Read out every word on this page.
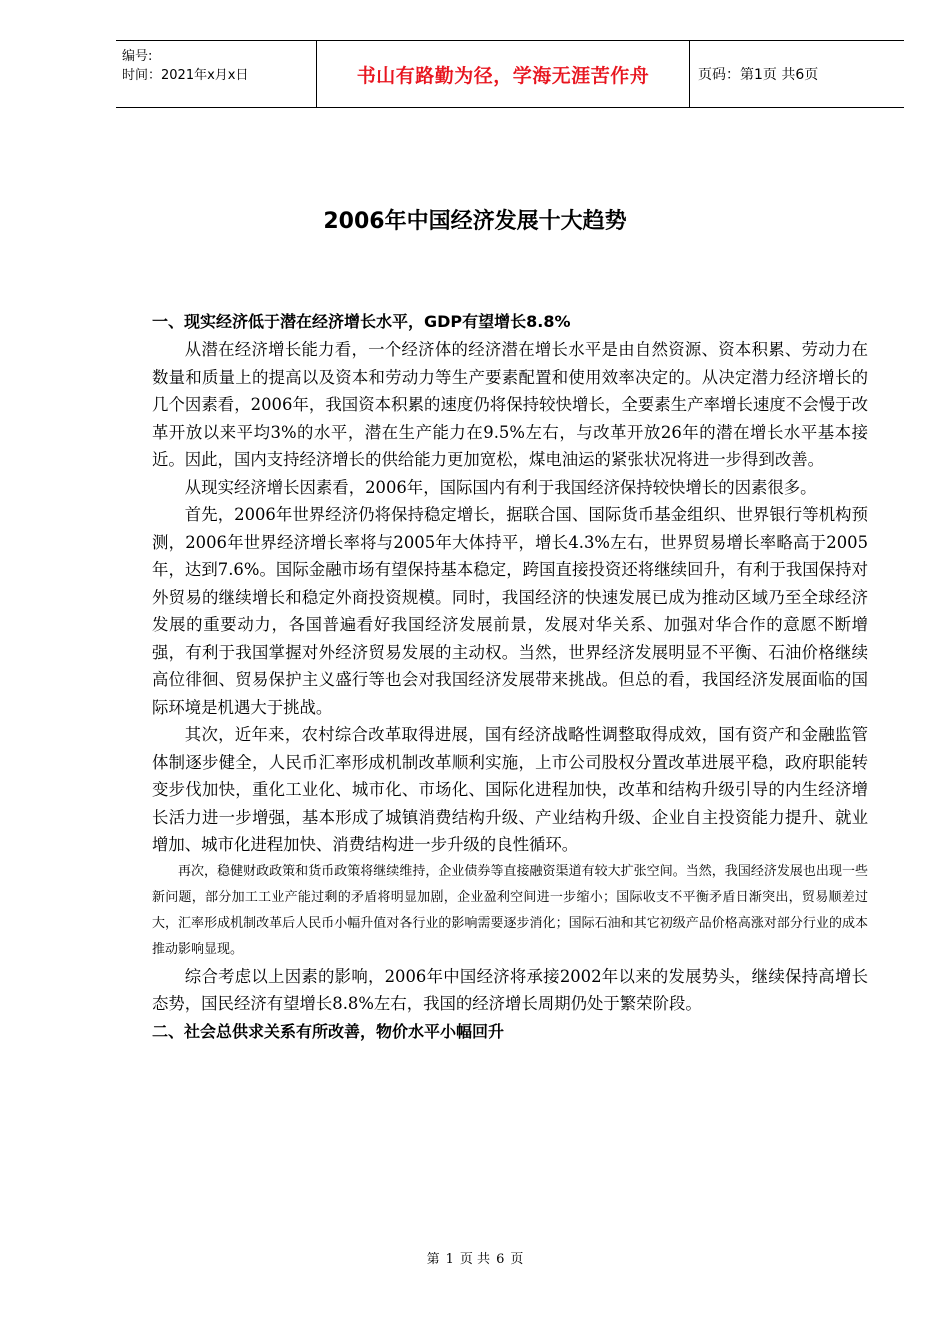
编号:
时间：2021年x月x日	书山有路勤为径，学海无涯苦作舟	页码：第1页 共6页
2006年中国经济发展十大趋势
一、现实经济低于潜在经济增长水平，GDP有望增长8.8%

从潜在经济增长能力看，一个经济体的经济潜在增长水平是由自然资源、资本积累、劳动力在数量和质量上的提高以及资本和劳动力等生产要素配置和使用效率决定的。从决定潜力经济增长的几个因素看，2006年，我国资本积累的速度仍将保持较快增长，全要素生产率增长速度不会慢于改革开放以来平均3%的水平，潜在生产能力在9.5%左右，与改革开放26年的潜在增长水平基本接近。因此，国内支持经济增长的供给能力更加宽松，煤电油运的紧张状况将进一步得到改善。

从现实经济增长因素看，2006年，国际国内有利于我国经济保持较快增长的因素很多。

首先，2006年世界经济仍将保持稳定增长，据联合国、国际货币基金组织、世界银行等机构预测，2006年世界经济增长率将与2005年大体持平，增长4.3%左右，世界贸易增长率略高于2005年，达到7.6%。国际金融市场有望保持基本稳定，跨国直接投资还将继续回升，有利于我国保持对外贸易的继续增长和稳定外商投资规模。同时，我国经济的快速发展已成为推动区域乃至全球经济发展的重要动力，各国普遍看好我国经济发展前景，发展对华关系、加强对华合作的意愿不断增强，有利于我国掌握对外经济贸易发展的主动权。当然，世界经济发展明显不平衡、石油价格继续高位徘徊、贸易保护主义盛行等也会对我国经济发展带来挑战。但总的看，我国经济发展面临的国际环境是机遇大于挑战。

其次，近年来，农村综合改革取得进展，国有经济战略性调整取得成效，国有资产和金融监管体制逐步健全，人民币汇率形成机制改革顺利实施，上市公司股权分置改革进展平稳，政府职能转变步伐加快，重化工业化、城市化、市场化、国际化进程加快，改革和结构升级引导的内生经济增长活力进一步增强，基本形成了城镇消费结构升级、产业结构升级、企业自主投资能力提升、就业增加、城市化进程加快、消费结构进一步升级的良性循环。

再次，稳健财政政策和货币政策将继续维持，企业债券等直接融资渠道有较大扩张空间。当然，我国经济发展也出现一些新问题，部分加工工业产能过剩的矛盾将明显加剧，企业盈利空间进一步缩小；国际收支不平衡矛盾日渐突出，贸易顺差过大，汇率形成机制改革后人民币小幅升值对各行业的影响需要逐步消化；国际石油和其它初级产品价格高涨对部分行业的成本推动影响显现。

综合考虑以上因素的影响，2006年中国经济将承接2002年以来的发展势头，继续保持高增长态势，国民经济有望增长8.8%左右，我国的经济增长周期仍处于繁荣阶段。

二、社会总供求关系有所改善，物价水平小幅回升
第 1 页 共 6 页
